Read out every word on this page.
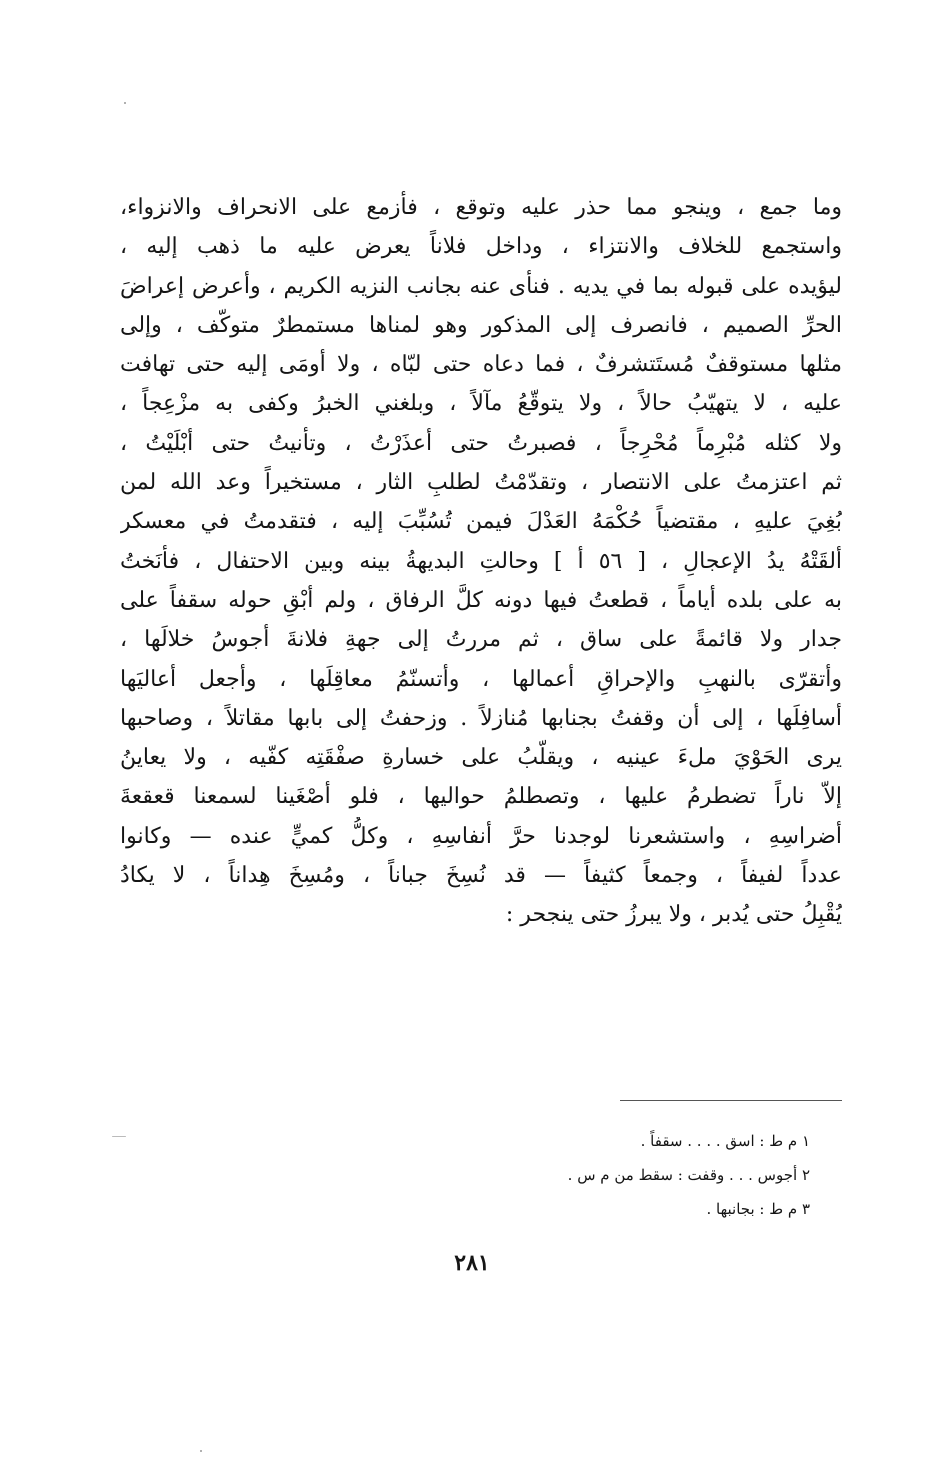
وما جمع ، وينجو مما حذر عليه وتوقع ، فأزمع على الانحراف والانزواء،
واستجمع للخلاف والانتزاء ، وداخل فلاناً يعرض عليه ما ذهب إليه ،
ليؤيده على قبوله بما في يديه . فنأى عنه بجانب النزيه الكريم ، وأعرض إعراضَ
الحرِّ الصميم ، فانصرف إلى المذكور وهو لمناها مستمطرٌ متوكّف ، وإلى
مثلها مستوقفٌ مُستَتشرفٌ ، فما دعاه حتى لبّاه ، ولا أومَى إليه حتى تهافت
عليه ، لا يتهيّبُ حالاً ، ولا يتوقّعُ مآلاً ، وبلغني الخبرُ وكفى به مزْعِجاً ،
ولا كثله مُبْرِماً مُحْرِجاً ، فصبرتُ حتى أعذَرْتُ ، وتأنيتُ حتى أبْلَيْتُ ،
ثم اعتزمتُ على الانتصار ، وتقدّمْتُ لطلبِ الثار ، مستخيراً وعد الله لمن
بُغِيَ عليهِ ، مقتضياً حُكْمَهُ العَدْلَ فيمن تُسُبِّبَ إليه ، فتقدمتُ في معسكر
ألقَتْهُ يدُ الإعجالِ ، [ ٥٦ أ ] وحالتِ البديهةُ بينه وبين الاحتفال ، فأنَختُ
به على بلده أياماً ، قطعتُ فيها دونه كلَّ الرفاق ، ولم أبْقِ حوله سقفاً على
جدار ولا قائمةً على ساق ، ثم مررتُ إلى جهةِ فلانةَ أجوسُ خلالَها ،
وأتقرّى بالنهبِ والإحراقِ أعمالها ، وأتسنّمُ معاقِلَها ، وأجعل أعاليَها
أسافِلَها ، إلى أن وقفتُ بجنابها مُنازلاً . وزحفتُ إلى بابها مقاتلاً ، وصاحبها
يرى الحَوْيَ ملءَ عينيه ، ويقلّبُ على خسارةِ صفْقَتِه كفّيه ، ولا يعاينُ
إلاّ ناراً تضطرمُ عليها ، وتصطلمُ حواليها ، فلو أصْغَينا لسمعنا قعقعةَ
أضراسِهِ ، واستشعرنا لوجدنا حرَّ أنفاسِهِ ، وكلُّ كميٍّ عنده — وكانوا
عدداً لفيفاً ، وجمعاً كثيفاً — قد نُسِخَ جباناً ، ومُسِخَ هِداناً ، لا يكادُ
يُقْبِلُ حتى يُدبر ، ولا يبرزُ حتى ينجحر :
١ م ط : اسق . . . . سقفاً .
٢ أجوس . . . وقفت : سقط من م س .
٣ م ط : بجانبها .
٢٨١
